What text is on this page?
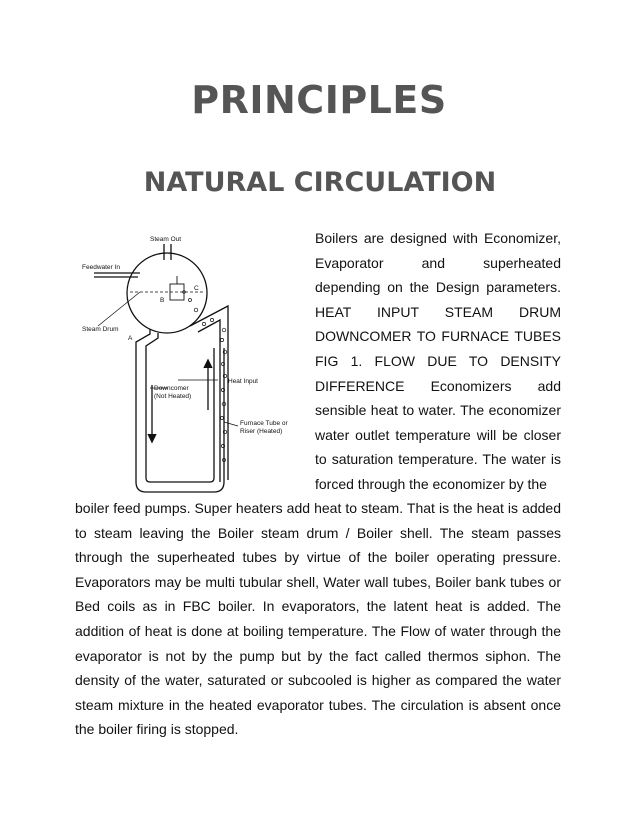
PRINCIPLES
NATURAL CIRCULATION
Steam Out
Feedwater In
Steam Drum
A
B
C
Heat Input
Downcomer
(Not Heated)
Furnace Tube or
Riser (Heated)

Boilers are designed with Economizer, Evaporator and superheated depending on the Design parameters. HEAT INPUT STEAM DRUM DOWNCOMER TO FURNACE TUBES FIG 1. FLOW DUE TO DENSITY DIFFERENCE Economizers add sensible heat to water. The economizer water outlet temperature will be closer to saturation temperature. The water is forced through the economizer by the

boiler feed pumps. Super heaters add heat to steam. That is the heat is added to steam leaving the Boiler steam drum / Boiler shell. The steam passes through the superheated tubes by virtue of the boiler operating pressure. Evaporators may be multi tubular shell, Water wall tubes, Boiler bank tubes or Bed coils as in FBC boiler. In evaporators, the latent heat is added. The addition of heat is done at boiling temperature. The Flow of water through the evaporator is not by the pump but by the fact called thermos siphon. The density of the water, saturated or subcooled is higher as compared the water steam mixture in the heated evaporator tubes. The circulation is absent once the boiler firing is stopped.
